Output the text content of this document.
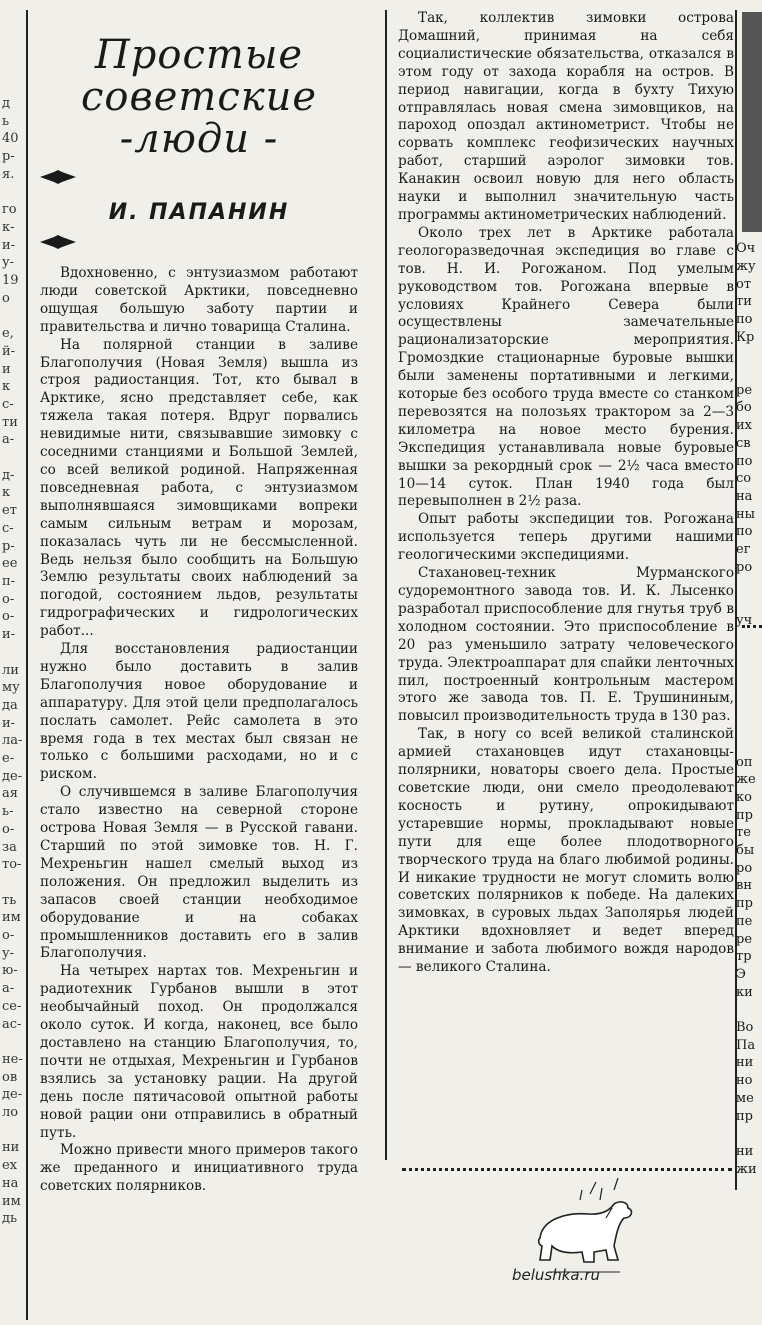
д
ь
40
р-
я.

го
к-
и-
у-
19
о

е,
й-
и
к
с-
ти
а-

д-
к
ет
с-
р-
ее
п-
о-
о-
и-

ли
му
да
и-
ла-
е-
де-
ая
ь-
о-
за
то-

ть
им
о-
у-
ю-
а-
се-
ас-

не-
ов
де-
ло

ни
ех
на
им
дь
Простые
советские
-люди -
И. ПАПАНИН

Вдохновенно, с энтузиазмом работают люди советской Арктики, повседневно ощущая большую заботу партии и правительства и лично товарища Сталина.

На полярной станции в заливе Благополучия (Новая Земля) вышла из строя радиостанция. Тот, кто бывал в Арктике, ясно представляет себе, как тяжела такая потеря. Вдруг порвались невидимые нити, связывавшие зимовку с соседними станциями и Большой Землей, со всей великой родиной. Напряженная повседневная работа, с энтузиазмом выполнявшаяся зимовщиками вопреки самым сильным ветрам и морозам, показалась чуть ли не бессмысленной. Ведь нельзя было сообщить на Большую Землю результаты своих наблюдений за погодой, состоянием льдов, результаты гидрографических и гидрологических работ...

Для восстановления радиостанции нужно было доставить в залив Благополучия новое оборудование и аппаратуру. Для этой цели предполагалось послать самолет. Рейс самолета в это время года в тех местах был связан не только с большими расходами, но и с риском.

О случившемся в заливе Благополучия стало известно на северной стороне острова Новая Земля — в Русской гавани. Старший по этой зимовке тов. Н. Г. Мехреньгин нашел смелый выход из положения. Он предложил выделить из запасов своей станции необходимое оборудование и на собаках промышленников доставить его в залив Благополучия.

На четырех нартах тов. Мехреньгин и радиотехник Гурбанов вышли в этот необычайный поход. Он продолжался около суток. И когда, наконец, все было доставлено на станцию Благополучия, то, почти не отдыхая, Мехреньгин и Гурбанов взялись за установку рации. На другой день после пятичасовой опытной работы новой рации они отправились в обратный путь.

Можно привести много примеров такого же преданного и инициативного труда советских полярников.

Так, коллектив зимовки острова Домашний, принимая на себя социалистические обязательства, отказался в этом году от захода корабля на остров. В период навигации, когда в бухту Тихую отправлялась новая смена зимовщиков, на пароход опоздал актинометрист. Чтобы не сорвать комплекс геофизических научных работ, старший аэролог зимовки тов. Канакин освоил новую для него область науки и выполнил значительную часть программы актинометрических наблюдений.

Около трех лет в Арктике работала геологоразведочная экспедиция во главе с тов. Н. И. Рогожаном. Под умелым руководством тов. Рогожана впервые в условиях Крайнего Севера были осуществлены замечательные рационализаторские мероприятия. Громоздкие стационарные буровые вышки были заменены портативными и легкими, которые без особого труда вместе со станком перевозятся на полозьях трактором за 2—3 километра на новое место бурения. Экспедиция устанавливала новые буровые вышки за рекордный срок — 2½ часа вместо 10—14 суток. План 1940 года был перевыполнен в 2½ раза.

Опыт работы экспедиции тов. Рогожана используется теперь другими нашими геологическими экспедициями.

Стахановец-техник Мурманского судоремонтного завода тов. И. К. Лысенко разработал приспособление для гнутья труб в холодном состоянии. Это приспособление в 20 раз уменьшило затрату человеческого труда. Электроаппарат для спайки ленточных пил, построенный контрольным мастером этого же завода тов. П. Е. Трушининым, повысил производительность труда в 130 раз.

Так, в ногу со всей великой сталинской армией стахановцев идут стахановцы-полярники, новаторы своего дела. Простые советские люди, они смело преодолевают косность и рутину, опрокидывают устаревшие нормы, прокладывают новые пути для еще более плодотворного творческого труда на благо любимой родины. И никакие трудности не могут сломить волю советских полярников к победе. На далеких зимовках, в суровых льдах Заполярья людей Арктики вдохновляет и ведет вперед внимание и забота любимого вождя народов — великого Сталина.

Оч
жу
от
ти
по
Кр

ре
бо
их
св
по
со
на
ны
по
ег
ро

уч

оп
же
ко
пр
те
бы
ро
вн
пр
пе
ре
тр
Э
ки

Во
Па
ни
но
ме
пр

ни
жи

belushka.ru
